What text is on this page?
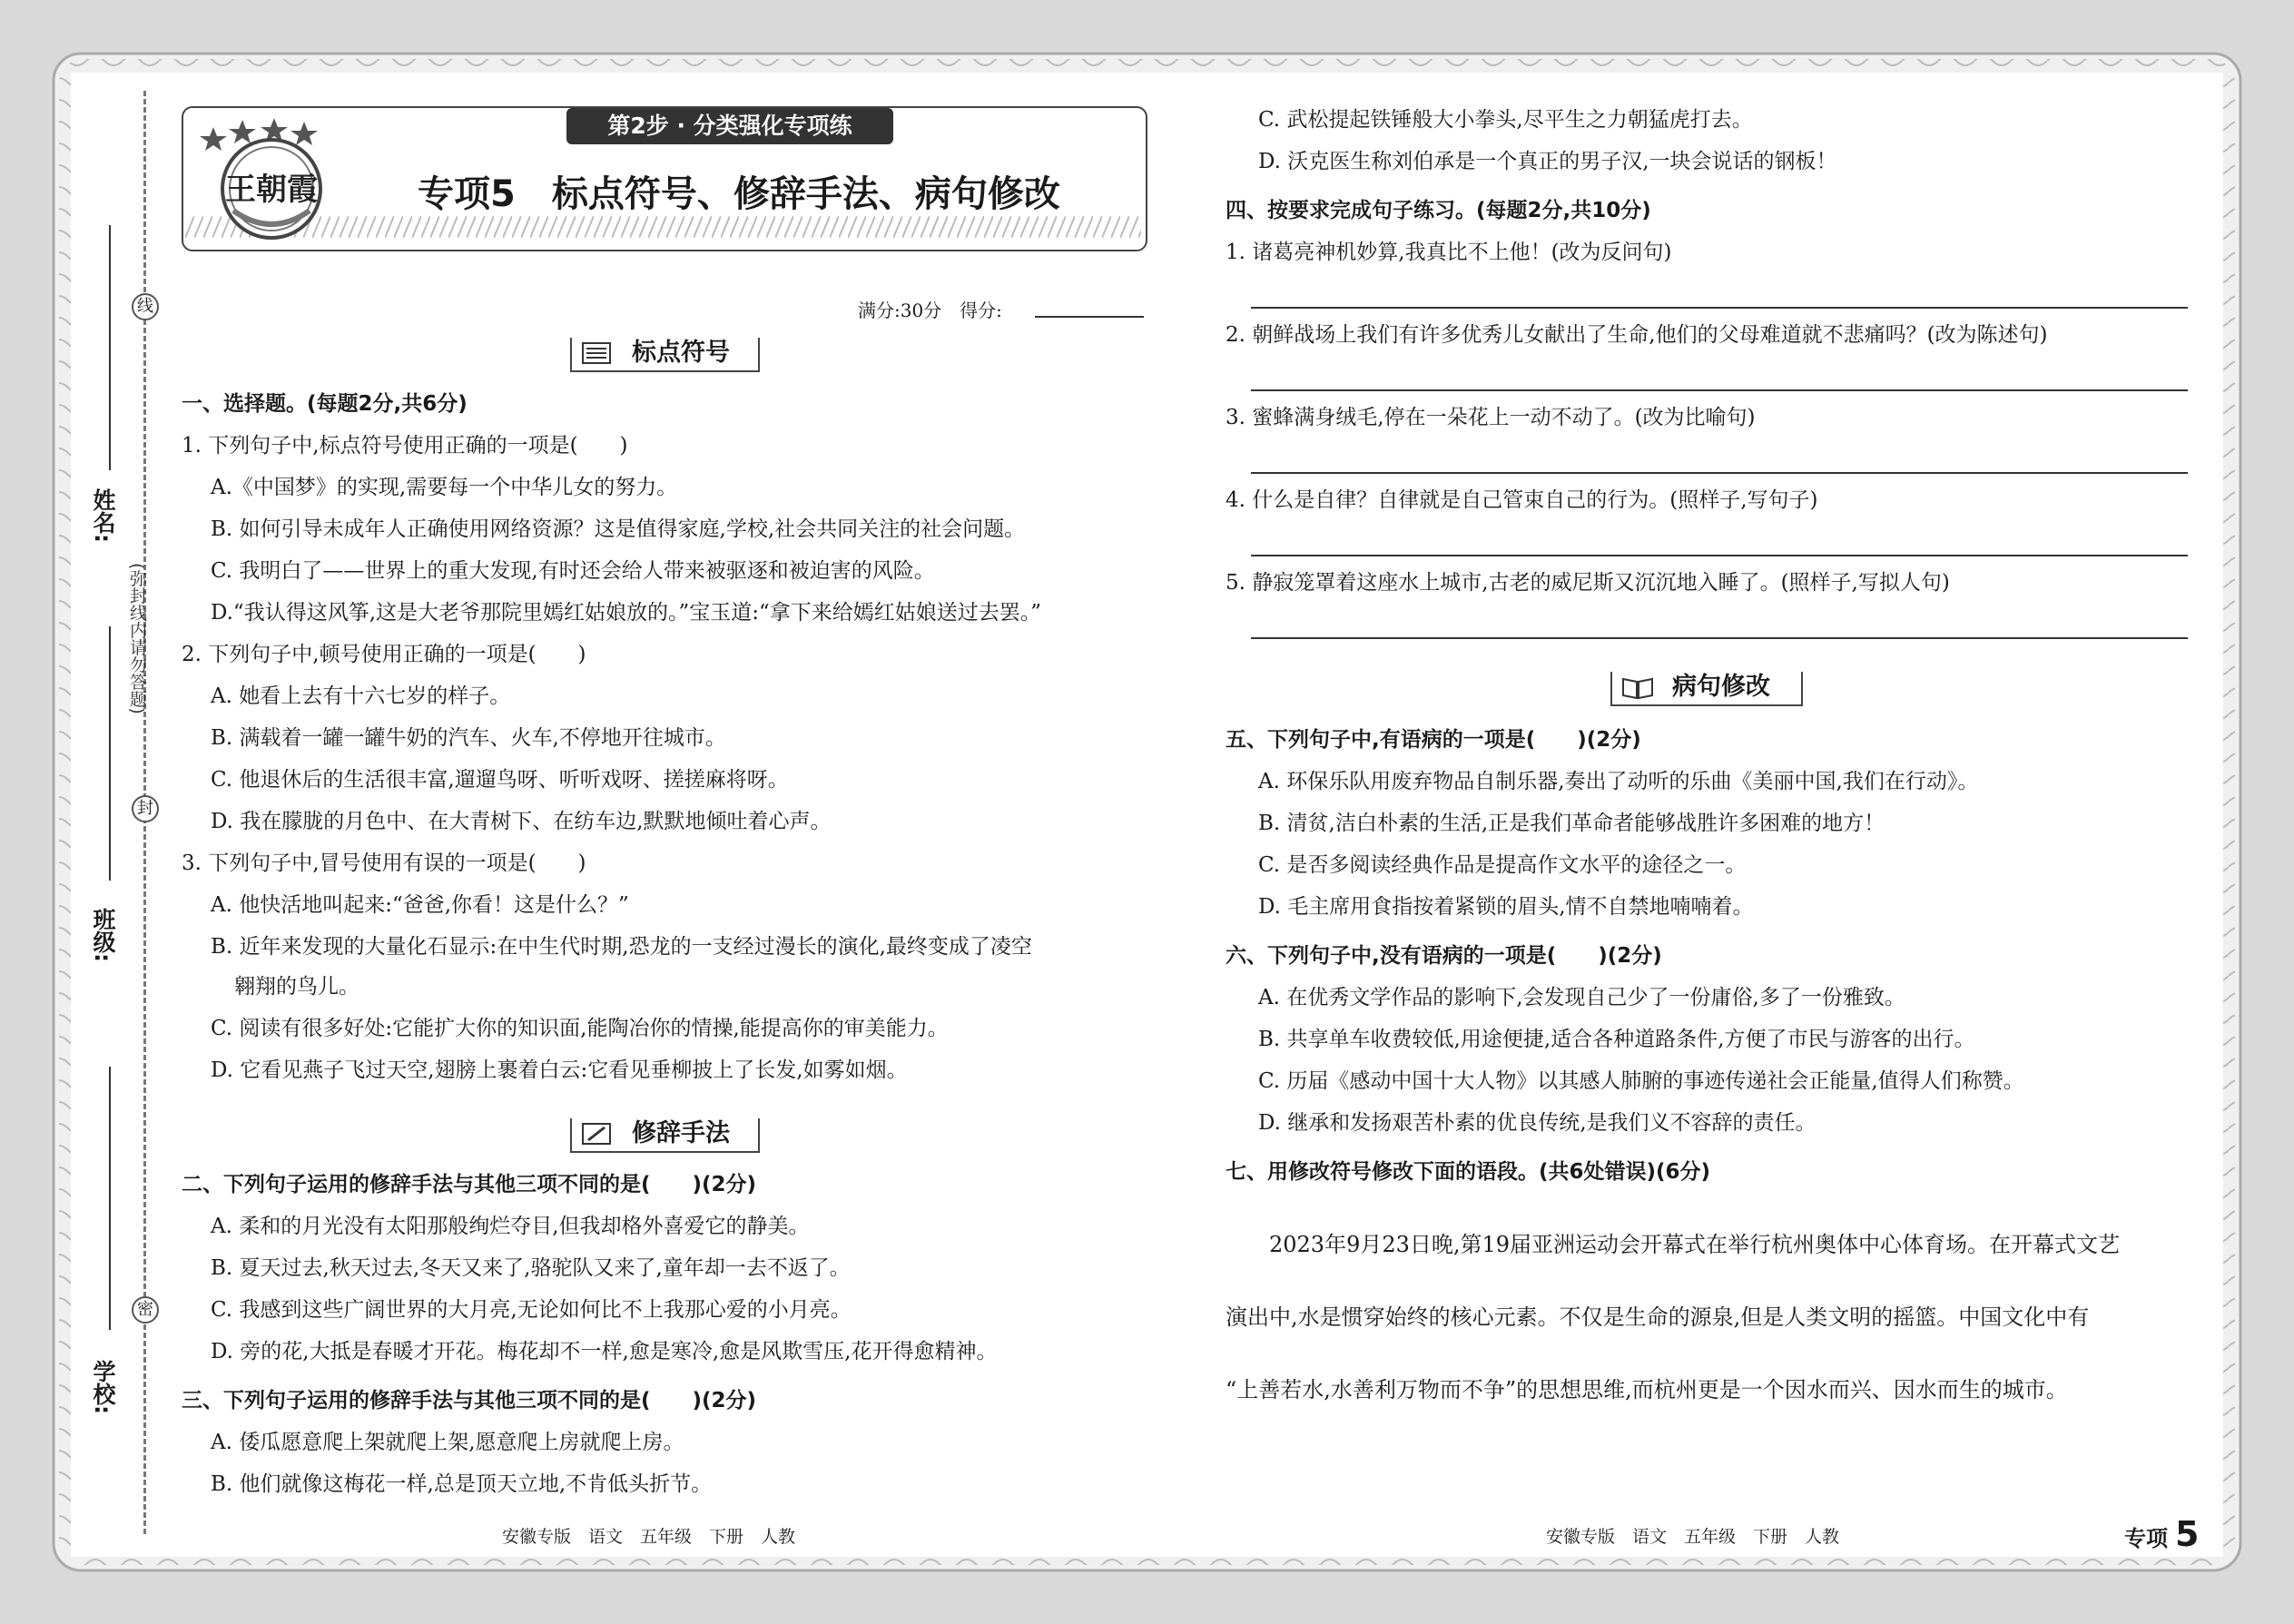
线
封
密
(弥封线内请勿答题)
姓名:
班级:
学校:
第2步 · 分类强化专项练
王朝霞	专项5　标点符号、修辞手法、病句修改
满分:30分　得分:
标点符号
一、选择题。(每题2分,共6分)
1. 下列句子中,标点符号使用正确的一项是(　　)
A.《中国梦》的实现,需要每一个中华儿女的努力。
B. 如何引导未成年人正确使用网络资源？这是值得家庭,学校,社会共同关注的社会问题。
C. 我明白了——世界上的重大发现,有时还会给人带来被驱逐和被迫害的风险。
D.“我认得这风筝,这是大老爷那院里嫣红姑娘放的。”宝玉道:“拿下来给嫣红姑娘送过去罢。”
2. 下列句子中,顿号使用正确的一项是(　　)
A. 她看上去有十六七岁的样子。
B. 满载着一罐一罐牛奶的汽车、火车,不停地开往城市。
C. 他退休后的生活很丰富,遛遛鸟呀、听听戏呀、搓搓麻将呀。
D. 我在朦胧的月色中、在大青树下、在纺车边,默默地倾吐着心声。
3. 下列句子中,冒号使用有误的一项是(　　)
A. 他快活地叫起来:“爸爸,你看！这是什么？”
B. 近年来发现的大量化石显示:在中生代时期,恐龙的一支经过漫长的演化,最终变成了凌空
翱翔的鸟儿。
C. 阅读有很多好处:它能扩大你的知识面,能陶冶你的情操,能提高你的审美能力。
D. 它看见燕子飞过天空,翅膀上裹着白云:它看见垂柳披上了长发,如雾如烟。
修辞手法
二、下列句子运用的修辞手法与其他三项不同的是(　　)(2分)
A. 柔和的月光没有太阳那般绚烂夺目,但我却格外喜爱它的静美。
B. 夏天过去,秋天过去,冬天又来了,骆驼队又来了,童年却一去不返了。
C. 我感到这些广阔世界的大月亮,无论如何比不上我那心爱的小月亮。
D. 旁的花,大抵是春暖才开花。梅花却不一样,愈是寒冷,愈是风欺雪压,花开得愈精神。
三、下列句子运用的修辞手法与其他三项不同的是(　　)(2分)
A. 倭瓜愿意爬上架就爬上架,愿意爬上房就爬上房。
B. 他们就像这梅花一样,总是顶天立地,不肯低头折节。
安徽专版　语文　五年级　下册　人教
C. 武松提起铁锤般大小拳头,尽平生之力朝猛虎打去。
D. 沃克医生称刘伯承是一个真正的男子汉,一块会说话的钢板！
四、按要求完成句子练习。(每题2分,共10分)
1. 诸葛亮神机妙算,我真比不上他！(改为反问句)
2. 朝鲜战场上我们有许多优秀儿女献出了生命,他们的父母难道就不悲痛吗？(改为陈述句)
3. 蜜蜂满身绒毛,停在一朵花上一动不动了。(改为比喻句)
4. 什么是自律？自律就是自己管束自己的行为。(照样子,写句子)
5. 静寂笼罩着这座水上城市,古老的威尼斯又沉沉地入睡了。(照样子,写拟人句)
病句修改
五、下列句子中,有语病的一项是(　　)(2分)
A. 环保乐队用废弃物品自制乐器,奏出了动听的乐曲《美丽中国,我们在行动》。
B. 清贫,洁白朴素的生活,正是我们革命者能够战胜许多困难的地方！
C. 是否多阅读经典作品是提高作文水平的途径之一。
D. 毛主席用食指按着紧锁的眉头,情不自禁地喃喃着。
六、下列句子中,没有语病的一项是(　　)(2分)
A. 在优秀文学作品的影响下,会发现自己少了一份庸俗,多了一份雅致。
B. 共享单车收费较低,用途便捷,适合各种道路条件,方便了市民与游客的出行。
C. 历届《感动中国十大人物》以其感人肺腑的事迹传递社会正能量,值得人们称赞。
D. 继承和发扬艰苦朴素的优良传统,是我们义不容辞的责任。
七、用修改符号修改下面的语段。(共6处错误)(6分)
　　2023年9月23日晚,第19届亚洲运动会开幕式在举行杭州奥体中心体育场。在开幕式文艺
演出中,水是惯穿始终的核心元素。不仅是生命的源泉,但是人类文明的摇篮。中国文化中有
“上善若水,水善利万物而不争”的思想思维,而杭州更是一个因水而兴、因水而生的城市。
安徽专版　语文　五年级　下册　人教	专项 5
